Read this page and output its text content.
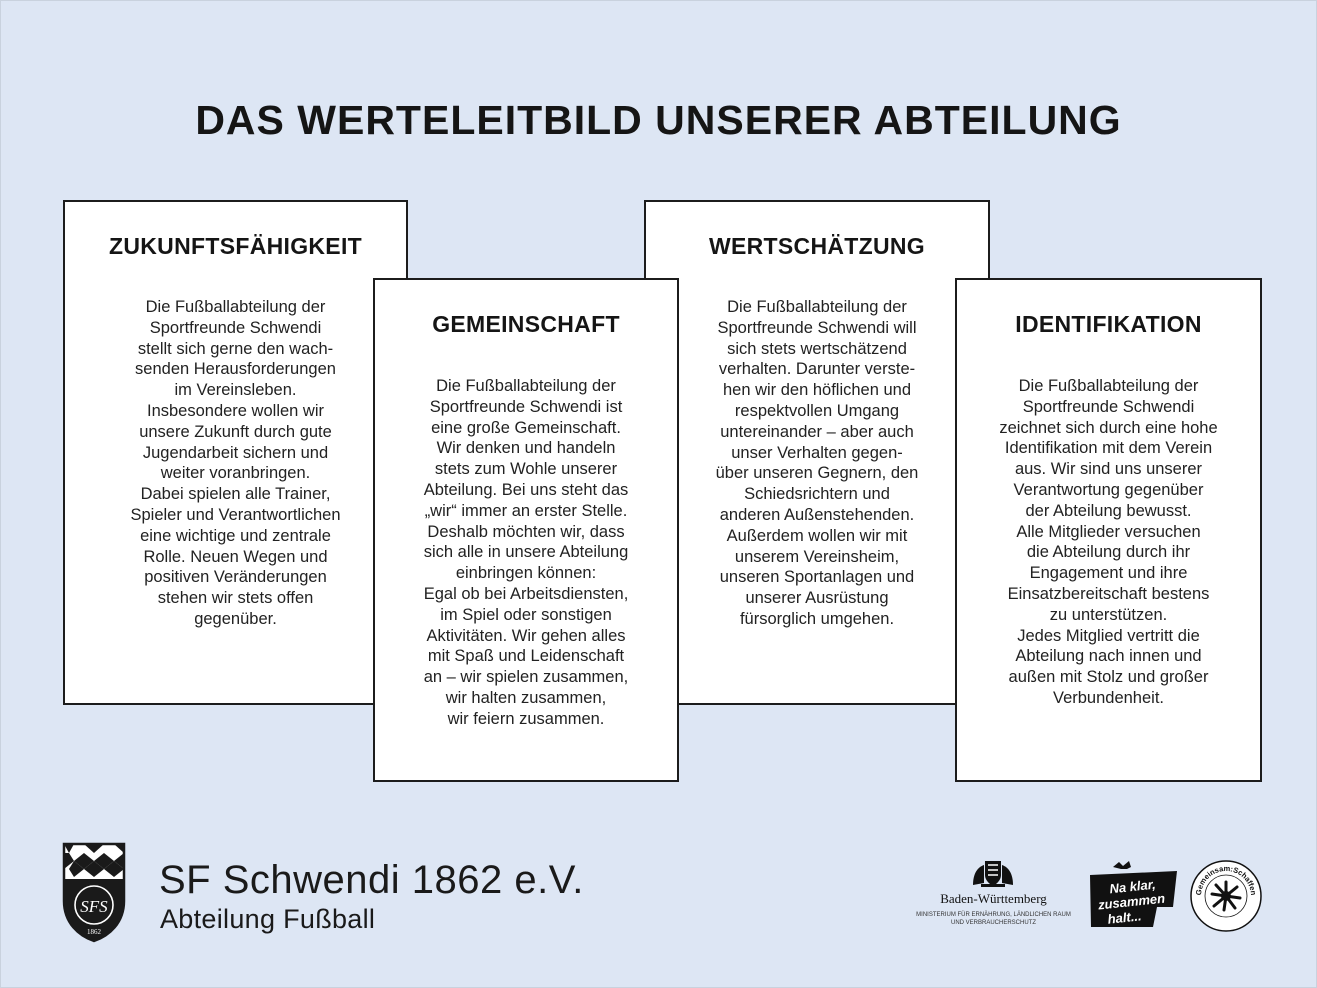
DAS WERTELEITBILD UNSERER ABTEILUNG
ZUKUNFTSFÄHIGKEIT

Die Fußballabteilung der
Sportfreunde Schwendi
stellt sich gerne den wach-
senden Herausforderungen
im Vereinsleben.
Insbesondere wollen wir
unsere Zukunft durch gute
Jugendarbeit sichern und
weiter voranbringen.
Dabei spielen alle Trainer,
Spieler und Verantwortlichen
eine wichtige und zentrale
Rolle. Neuen Wegen und
positiven Veränderungen
stehen wir stets offen
gegenüber.

WERTSCHÄTZUNG

Die Fußballabteilung der
Sportfreunde Schwendi will
sich stets wertschätzend
verhalten. Darunter verste-
hen wir den höflichen und
respektvollen Umgang
untereinander – aber auch
unser Verhalten gegen-
über unseren Gegnern, den
Schiedsrichtern und
anderen Außenstehenden.
Außerdem wollen wir mit
unserem Vereinsheim,
unseren Sportanlagen und
unserer Ausrüstung
fürsorglich umgehen.

GEMEINSCHAFT

Die Fußballabteilung der
Sportfreunde Schwendi ist
eine große Gemeinschaft.
Wir denken und handeln
stets zum Wohle unserer
Abteilung. Bei uns steht das
„wir“ immer an erster Stelle.
Deshalb möchten wir, dass
sich alle in unsere Abteilung
einbringen können:
Egal ob bei Arbeitsdiensten,
im Spiel oder sonstigen
Aktivitäten. Wir gehen alles
mit Spaß und Leidenschaft
an – wir spielen zusammen,
wir halten zusammen,
wir feiern zusammen.

IDENTIFIKATION

Die Fußballabteilung der
Sportfreunde Schwendi
zeichnet sich durch eine hohe
Identifikation mit dem Verein
aus. Wir sind uns unserer
Verantwortung gegenüber
der Abteilung bewusst.
Alle Mitglieder versuchen
die Abteilung durch ihr
Engagement und ihre
Einsatzbereitschaft bestens
zu unterstützen.
Jedes Mitglied vertritt die
Abteilung nach innen und
außen mit Stolz und großer
Verbundenheit.

SFS
1862
SF Schwendi 1862 e.V.
Abteilung Fußball
Baden-Württemberg
MINISTERIUM FÜR ERNÄHRUNG, LÄNDLICHEN RAUM
UND VERBRAUCHERSCHUTZ
Na klar,
zusammen
halt...
Gemeinsam:Schaffen
